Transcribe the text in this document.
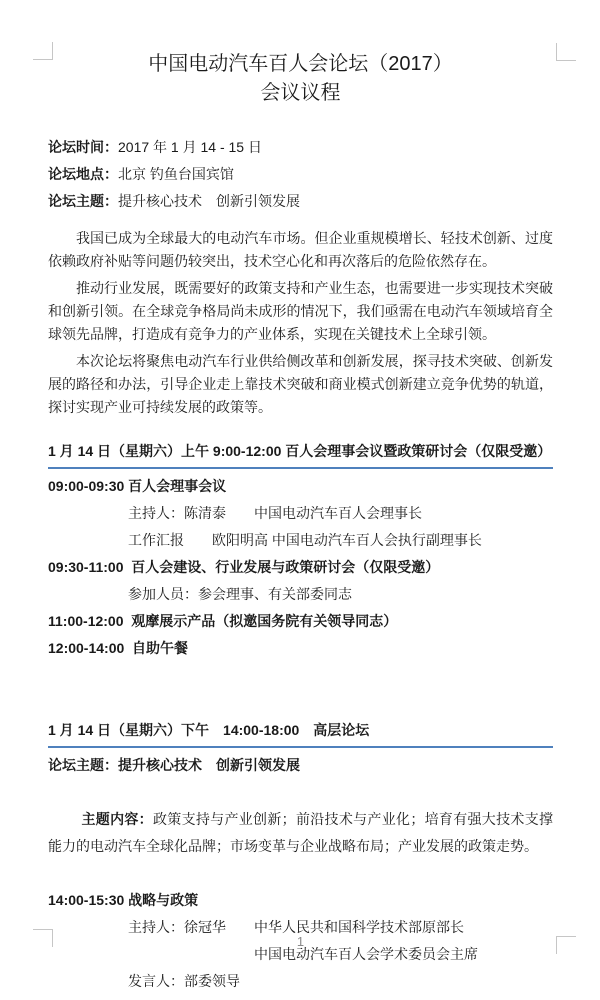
中国电动汽车百人会论坛（2017）
会议议程
论坛时间： 2017 年 1 月 14 - 15 日
论坛地点： 北京 钓鱼台国宾馆
论坛主题： 提升核心技术　创新引领发展

我国已成为全球最大的电动汽车市场。但企业重规模增长、轻技术创新、过度依赖政府补贴等问题仍较突出，技术空心化和再次落后的危险依然存在。

推动行业发展，既需要好的政策支持和产业生态，也需要进一步实现技术突破和创新引领。在全球竞争格局尚未成形的情况下，我们亟需在电动汽车领域培育全球领先品牌，打造成有竞争力的产业体系，实现在关键技术上全球引领。

本次论坛将聚焦电动汽车行业供给侧改革和创新发展，探寻技术突破、创新发展的路径和办法，引导企业走上靠技术突破和商业模式创新建立竞争优势的轨道，探讨实现产业可持续发展的政策等。

1 月 14 日（星期六）上午 9:00-12:00 百人会理事会议暨政策研讨会（仅限受邀）
09:00-09:30 百人会理事会议
主持人：陈清泰	中国电动汽车百人会理事长
工作汇报　　欧阳明高 中国电动汽车百人会执行副理事长
09:30-11:00  百人会建设、行业发展与政策研讨会（仅限受邀）
参加人员：参会理事、有关部委同志
11:00-12:00  观摩展示产品（拟邀国务院有关领导同志）
12:00-14:00  自助午餐
1 月 14 日（星期六）下午　14:00-18:00　高层论坛
论坛主题：提升核心技术　创新引领发展

主题内容：政策支持与产业创新；前沿技术与产业化；培育有强大技术支撑能力的电动汽车全球化品牌；市场变革与企业战略布局；产业发展的政策走势。

14:00-15:30 战略与政策
主持人：徐冠华	中华人民共和国科学技术部原部长
中国电动汽车百人会学术委员会主席
发言人：部委领导
1
